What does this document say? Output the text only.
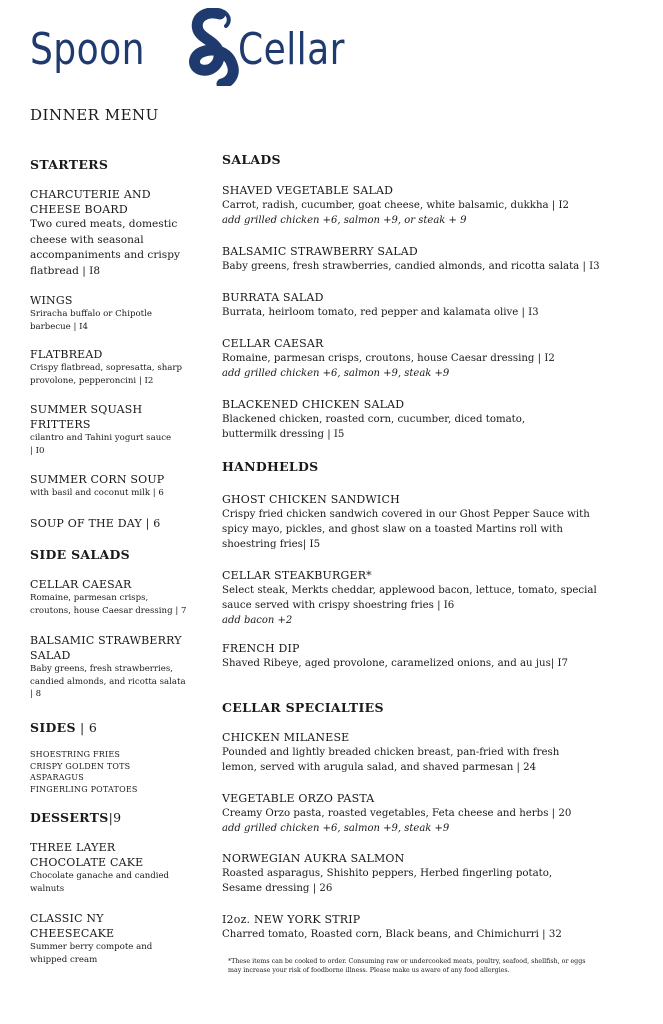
Spoon Cellar
DINNER MENU
STARTERS
CHARCUTERIE AND CHEESE BOARD
Two cured meats, domestic cheese with seasonal accompaniments and crispy flatbread | I8
WINGS
Sriracha buffalo or Chipotle barbecue | I4
FLATBREAD
Crispy flatbread, sopresatta, sharp provolone, pepperoncini | I2
SUMMER SQUASH FRITTERS
cilantro and Tahini yogurt sauce | I0
SUMMER CORN SOUP
with basil and coconut milk | 6
SOUP OF THE DAY | 6
SIDE SALADS
CELLAR CAESAR
Romaine, parmesan crisps, croutons, house Caesar dressing | 7
BALSAMIC STRAWBERRY SALAD
Baby greens, fresh strawberries, candied almonds, and ricotta salata | 8
SIDES | 6
SHOESTRING FRIES
CRISPY GOLDEN TOTS
ASPARAGUS
FINGERLING POTATOES
DESSERTS|9
THREE LAYER CHOCOLATE CAKE
Chocolate ganache and candied walnuts
CLASSIC NY CHEESECAKE
Summer berry compote and whipped cream
SALADS
SHAVED VEGETABLE SALAD
Carrot, radish, cucumber, goat cheese, white balsamic, dukkha | I2
add grilled chicken +6, salmon +9, or steak + 9
BALSAMIC STRAWBERRY SALAD
Baby greens, fresh strawberries, candied almonds, and ricotta salata | I3
BURRATA SALAD
Burrata, heirloom tomato, red pepper and kalamata olive | I3
CELLAR CAESAR
Romaine, parmesan crisps, croutons, house Caesar dressing | I2
add grilled chicken +6, salmon +9, steak +9
BLACKENED CHICKEN SALAD
Blackened chicken, roasted corn, cucumber, diced tomato, buttermilk dressing | I5
HANDHELDS
GHOST CHICKEN SANDWICH
Crispy fried chicken sandwich covered in our Ghost Pepper Sauce with spicy mayo, pickles, and ghost slaw on a toasted Martins roll with shoestring fries| I5
CELLAR STEAKBURGER*
Select steak, Merkts cheddar, applewood bacon, lettuce, tomato, special sauce served with crispy shoestring fries | I6
add bacon +2
FRENCH DIP
Shaved Ribeye, aged provolone, caramelized onions, and au jus| I7
CELLAR SPECIALTIES
CHICKEN MILANESE
Pounded and lightly breaded chicken breast, pan-fried with fresh lemon, served with arugula salad, and shaved parmesan | 24
VEGETABLE ORZO PASTA
Creamy Orzo pasta, roasted vegetables, Feta cheese and herbs | 20
add grilled chicken +6, salmon +9, steak +9
NORWEGIAN AUKRA SALMON
Roasted asparagus, Shishito peppers, Herbed fingerling potato, Sesame dressing | 26
I2oz. NEW YORK STRIP
Charred tomato, Roasted corn, Black beans, and Chimichurri | 32
*These items can be cooked to order. Consuming raw or undercooked meats, poultry, seafood, shellfish, or eggs may increase your risk of foodborne illness. Please make us aware of any food allergies.
